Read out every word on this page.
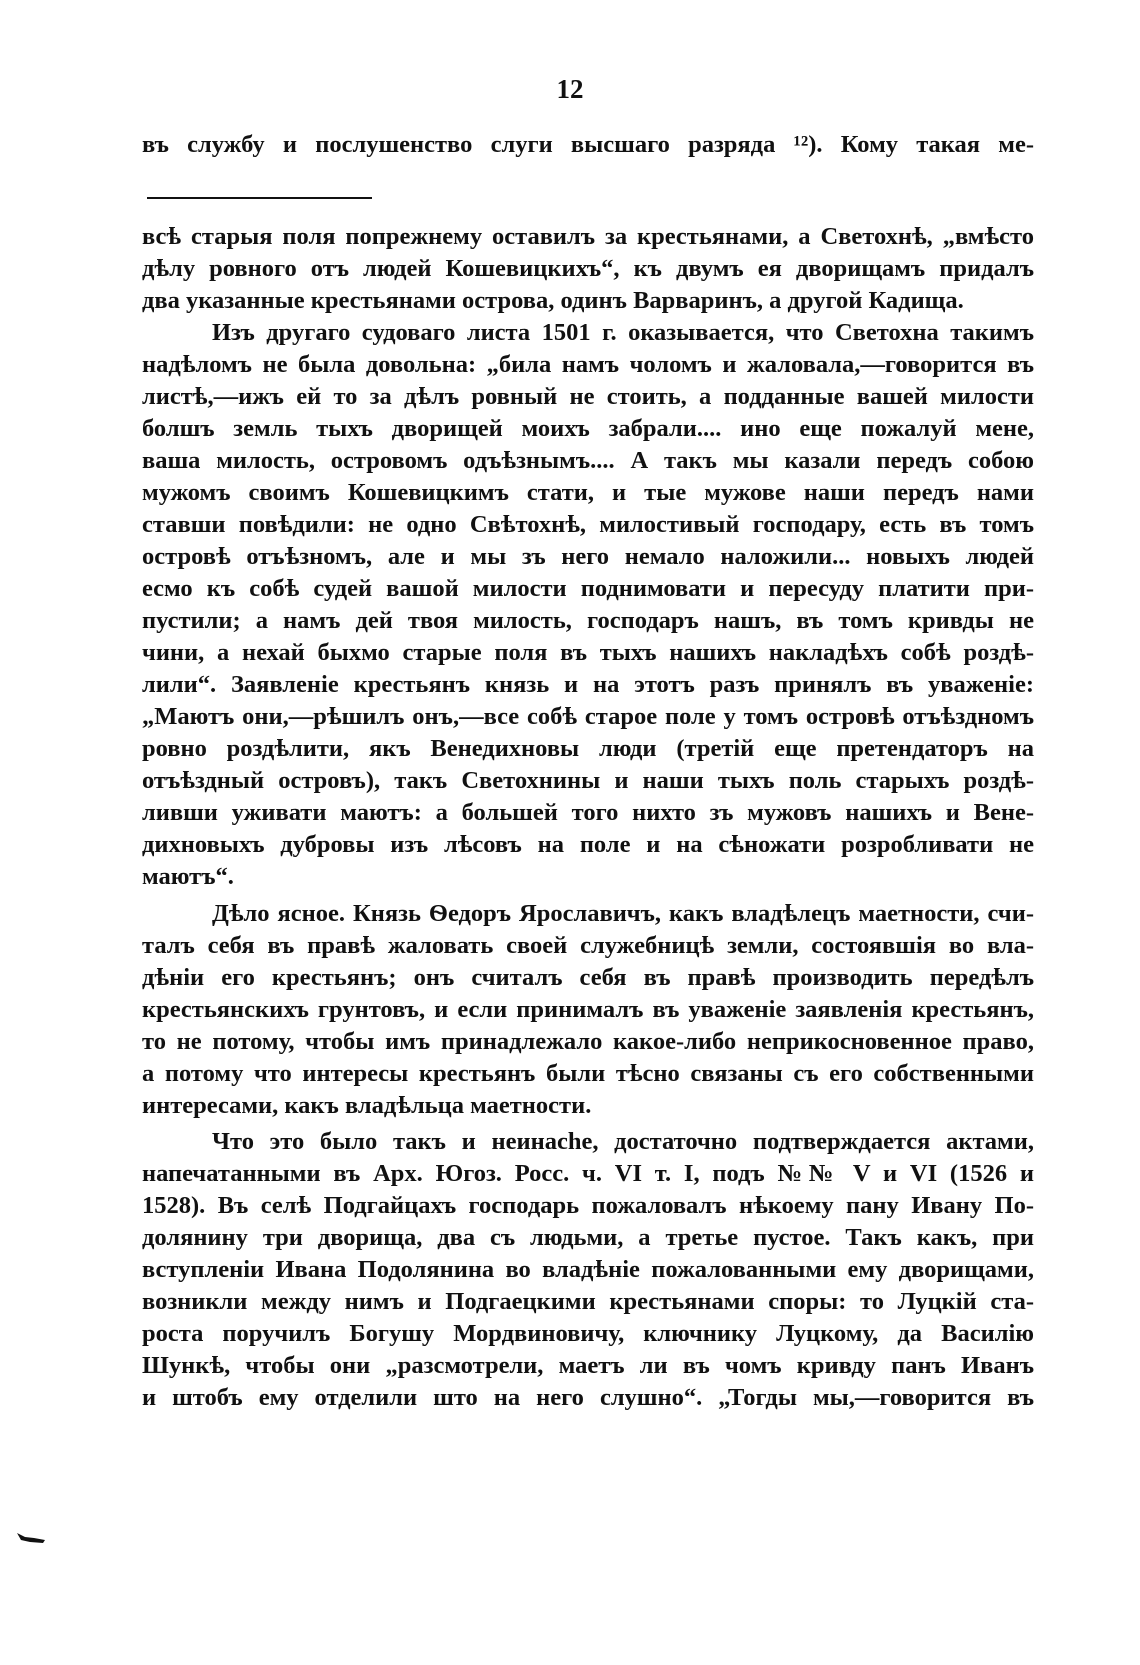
12
въ службу и послушенство слуги высшаго разряда ¹²). Кому такая ме-
всѣ старыя поля попрежнему оставилъ за крестьянами, а Светохнѣ, „вмѣсто
дѣлу ровного отъ людей Кошевицкихъ“, къ двумъ ея дворищамъ придалъ
два указанные крестьянами острова, одинъ Варваринъ, а другой Кадища.
Изъ другаго судоваго листа 1501 г. оказывается, что Светохна такимъ
надѣломъ не была довольна: „била намъ чоломъ и жаловала,—говорится въ
листѣ,—ижъ ей то за дѣлъ ровный не стоить, а подданные вашей милости
болшъ земль тыхъ дворищей моихъ забрали.... ино еще пожалуй мене,
ваша милость, островомъ одъѣзнымъ.... А такъ мы казали передъ собою
мужомъ своимъ Кошевицкимъ стати, и тые мужове наши передъ нами
ставши повѣдили: не одно Свѣтохнѣ, милостивый господару, есть въ томъ
островѣ отъѣзномъ, але и мы зъ него немало наложили... новыхъ людей
есмо къ собѣ судей вашой милости поднимовати и пересуду платити при-
пустили; а намъ дей твоя милость, господаръ нашъ, въ томъ кривды не
чини, а нехай быхмо старые поля въ тыхъ нашихъ накладѣхъ собѣ роздѣ-
лили“. Заявленіе крестьянъ князь и на этотъ разъ принялъ въ уваженіе:
„Маютъ они,—рѣшилъ онъ,—все собѣ старое поле у томъ островѣ отъѣздномъ
ровно роздѣлити, якъ Венедихновы люди (третій еще претендаторъ на
отъѣздный островъ), такъ Светохнины и наши тыхъ поль старыхъ роздѣ-
ливши уживати маютъ: а большей того нихто зъ мужовъ нашихъ и Вене-
дихновыхъ дубровы изъ лѣсовъ на поле и на сѣножати розробливати не
маютъ“.
Дѣло ясное. Князь Ѳедоръ Ярославичъ, какъ владѣлецъ маетности, счи-
талъ себя въ правѣ жаловать своей служебницѣ земли, состоявшія во вла-
дѣніи его крестьянъ; онъ считалъ себя въ правѣ производить передѣлъ
крестьянскихъ грунтовъ, и если принималъ въ уваженіе заявленія крестьянъ,
то не потому, чтобы имъ принадлежало какое-либо неприкосновенное право,
а потому что интересы крестьянъ были тѣсно связаны съ его собственными
интересами, какъ владѣльца маетности.
Что это было такъ и неинаche, достаточно подтверждается актами,
напечатанными въ Арх. Югоз. Росс. ч. VI т. I, подъ №№ V и VI (1526 и
1528). Въ селѣ Подгайцахъ господарь пожаловалъ нѣкоему пану Ивану По-
долянину три дворища, два съ людьми, а третье пустое. Такъ какъ, при
вступленіи Ивана Подолянина во владѣніе пожалованными ему дворищами,
возникли между нимъ и Подгаецкими крестьянами споры: то Луцкій ста-
роста поручилъ Богушу Мордвиновичу, ключнику Луцкому, да Василію
Шункѣ, чтобы они „разсмотрели, маетъ ли въ чомъ кривду панъ Иванъ
и штобъ ему отделили што на него слушно“. „Тогды мы,—говорится въ
